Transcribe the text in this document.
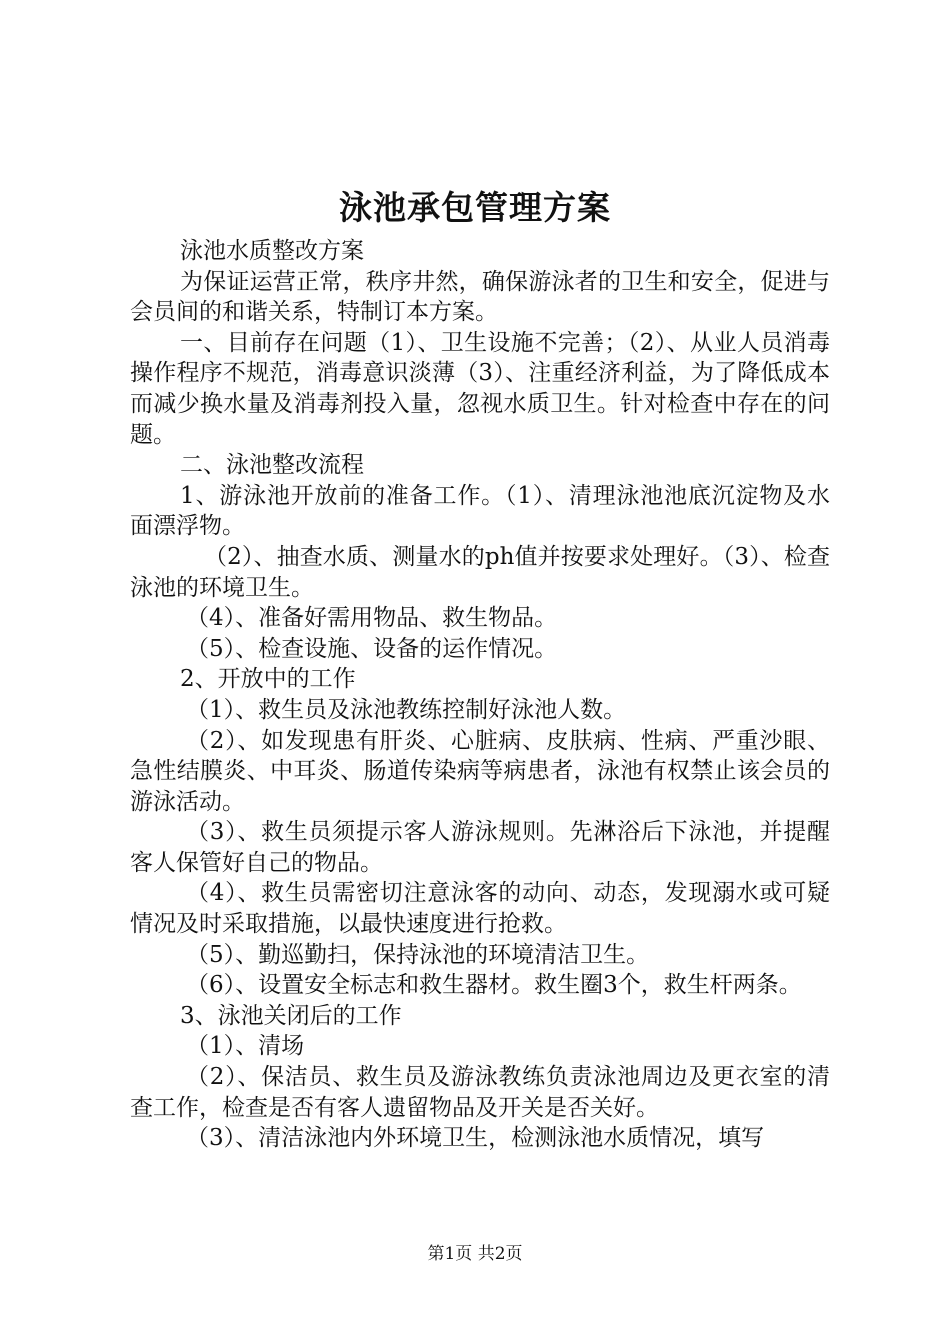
泳池承包管理方案

泳池水质整改方案

为保证运营正常，秩序井然，确保游泳者的卫生和安全，促进与会员间的和谐关系，特制订本方案。

一、目前存在问题（1）、卫生设施不完善；（2）、从业人员消毒操作程序不规范，消毒意识淡薄（3）、注重经济利益，为了降低成本而减少换水量及消毒剂投入量，忽视水质卫生。针对检查中存在的问题。

二、泳池整改流程

1、游泳池开放前的准备工作。（1）、清理泳池池底沉淀物及水面漂浮物。

（2）、抽查水质、测量水的ph值并按要求处理好。（3）、检查泳池的环境卫生。

（4）、准备好需用物品、救生物品。

（5）、检查设施、设备的运作情况。

2、开放中的工作

（1）、救生员及泳池教练控制好泳池人数。

（2）、如发现患有肝炎、心脏病、皮肤病、性病、严重沙眼、急性结膜炎、中耳炎、肠道传染病等病患者，泳池有权禁止该会员的游泳活动。

（3）、救生员须提示客人游泳规则。先淋浴后下泳池，并提醒客人保管好自己的物品。

（4）、救生员需密切注意泳客的动向、动态，发现溺水或可疑情况及时采取措施，以最快速度进行抢救。

（5）、勤巡勤扫，保持泳池的环境清洁卫生。

（6）、设置安全标志和救生器材。救生圈3个，救生杆两条。

3、泳池关闭后的工作

（1）、清场

（2）、保洁员、救生员及游泳教练负责泳池周边及更衣室的清查工作，检查是否有客人遗留物品及开关是否关好。

（3）、清洁泳池内外环境卫生，检测泳池水质情况，填写

第1页 共2页
